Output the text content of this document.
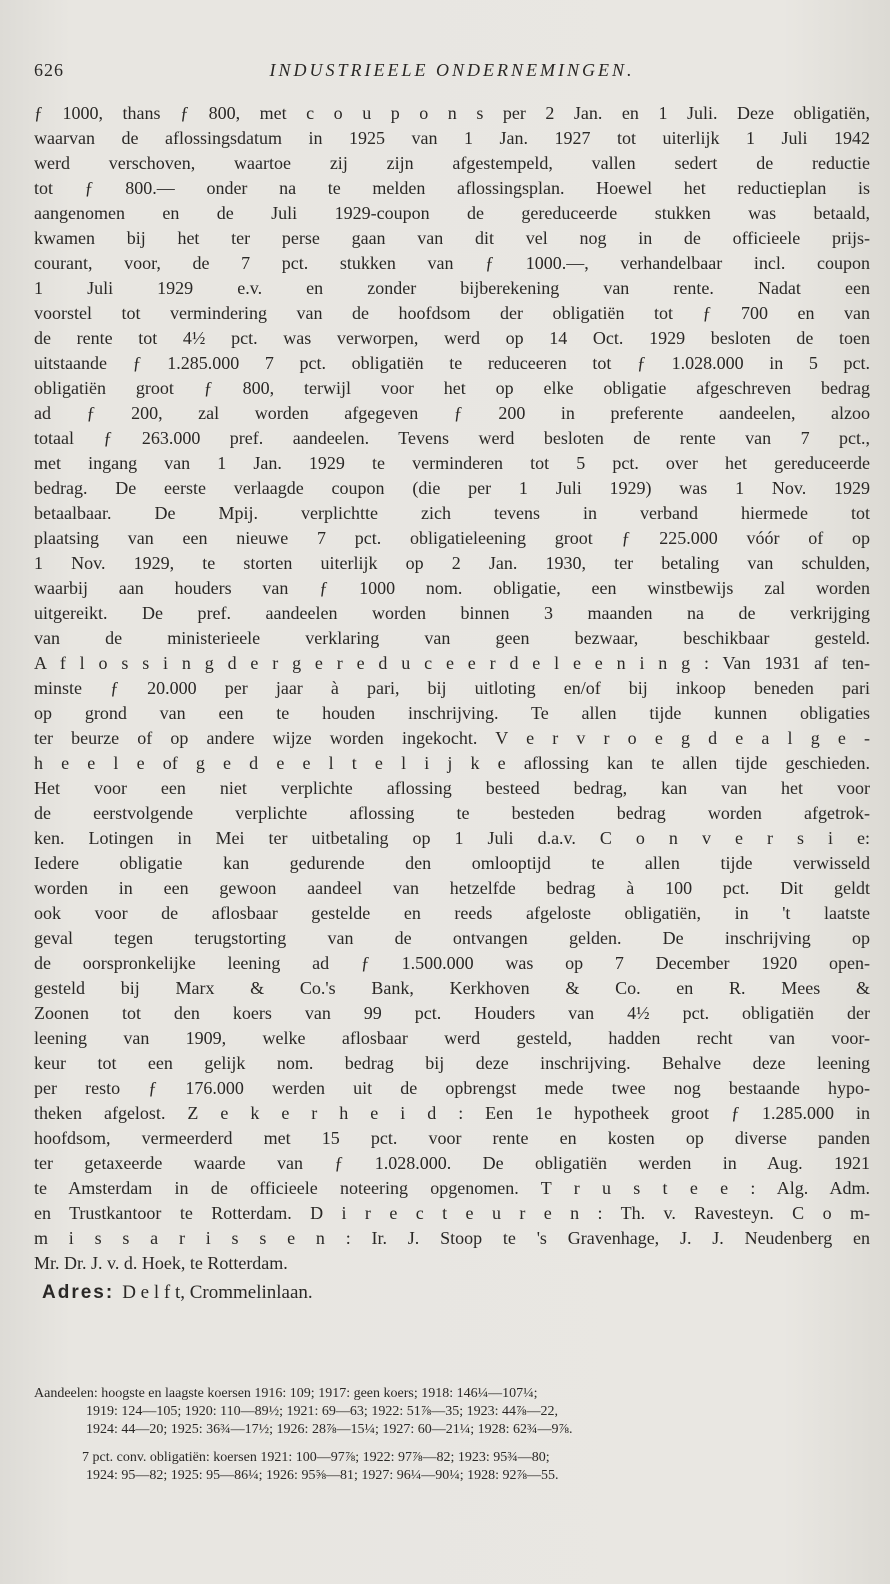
626	INDUSTRIEELE ONDERNEMINGEN.
ƒ 1000, thans ƒ 800, met c o u p o n s per 2 Jan. en 1 Juli. Deze obligatiën,
waarvan de aflossingsdatum in 1925 van 1 Jan. 1927 tot uiterlijk 1 Juli 1942
werd verschoven, waartoe zij zijn afgestempeld, vallen sedert de reductie
tot ƒ 800.— onder na te melden aflossingsplan. Hoewel het reductieplan is
aangenomen en de Juli 1929-coupon de gereduceerde stukken was betaald,
kwamen bij het ter perse gaan van dit vel nog in de officieele prijs-
courant, voor, de 7 pct. stukken van ƒ 1000.—, verhandelbaar incl. coupon
1 Juli 1929 e.v. en zonder bijberekening van rente. Nadat een
voorstel tot vermindering van de hoofdsom der obligatiën tot ƒ 700 en van
de rente tot 4½ pct. was verworpen, werd op 14 Oct. 1929 besloten de toen
uitstaande ƒ 1.285.000 7 pct. obligatiën te reduceeren tot ƒ 1.028.000 in 5 pct.
obligatiën groot ƒ 800, terwijl voor het op elke obligatie afgeschreven bedrag
ad ƒ 200, zal worden afgegeven ƒ 200 in preferente aandeelen, alzoo
totaal ƒ 263.000 pref. aandeelen. Tevens werd besloten de rente van 7 pct.,
met ingang van 1 Jan. 1929 te verminderen tot 5 pct. over het gereduceerde
bedrag. De eerste verlaagde coupon (die per 1 Juli 1929) was 1 Nov. 1929
betaalbaar. De Mpij. verplichtte zich tevens in verband hiermede tot
plaatsing van een nieuwe 7 pct. obligatieleening groot ƒ 225.000 vóór of op
1 Nov. 1929, te storten uiterlijk op 2 Jan. 1930, ter betaling van schulden,
waarbij aan houders van ƒ 1000 nom. obligatie, een winstbewijs zal worden
uitgereikt. De pref. aandeelen worden binnen 3 maanden na de verkrijging
van de ministerieele verklaring van geen bezwaar, beschikbaar gesteld.
A f l o s s i n g d e r g e r e d u c e e r d e l e e n i n g : Van 1931 af ten-
minste ƒ 20.000 per jaar à pari, bij uitloting en/of bij inkoop beneden pari
op grond van een te houden inschrijving. Te allen tijde kunnen obligaties
ter beurze of op andere wijze worden ingekocht. V e r v r o e g d e a l g e -
h e e l e of g e d e e l t e l i j k e aflossing kan te allen tijde geschieden.
Het voor een niet verplichte aflossing besteed bedrag, kan van het voor
de eerstvolgende verplichte aflossing te besteden bedrag worden afgetrok-
ken. Lotingen in Mei ter uitbetaling op 1 Juli d.a.v. C o n v e r s i e:
Iedere obligatie kan gedurende den omlooptijd te allen tijde verwisseld
worden in een gewoon aandeel van hetzelfde bedrag à 100 pct. Dit geldt
ook voor de aflosbaar gestelde en reeds afgeloste obligatiën, in 't laatste
geval tegen terugstorting van de ontvangen gelden. De inschrijving op
de oorspronkelijke leening ad ƒ 1.500.000 was op 7 December 1920 open-
gesteld bij Marx & Co.'s Bank, Kerkhoven & Co. en R. Mees &
Zoonen tot den koers van 99 pct. Houders van 4½ pct. obligatiën der
leening van 1909, welke aflosbaar werd gesteld, hadden recht van voor-
keur tot een gelijk nom. bedrag bij deze inschrijving. Behalve deze leening
per resto ƒ 176.000 werden uit de opbrengst mede twee nog bestaande hypo-
theken afgelost. Z e k e r h e i d : Een 1e hypotheek groot ƒ 1.285.000 in
hoofdsom, vermeerderd met 15 pct. voor rente en kosten op diverse panden
ter getaxeerde waarde van ƒ 1.028.000. De obligatiën werden in Aug. 1921
te Amsterdam in de officieele noteering opgenomen. T r u s t e e : Alg. Adm.
en Trustkantoor te Rotterdam. D i r e c t e u r e n : Th. v. Ravesteyn. C o m-
m i s s a r i s s e n : Ir. J. Stoop te 's Gravenhage, J. J. Neudenberg en
Mr. Dr. J. v. d. Hoek, te Rotterdam.
Adres: D e l f t, Crommelinlaan.
Aandeelen: hoogste en laagste koersen 1916: 109; 1917: geen koers; 1918: 146¼—107¼;
1919: 124—105; 1920: 110—89½; 1921: 69—63; 1922: 51⅞—35; 1923: 44⅞—22,
1924: 44—20; 1925: 36¾—17½; 1926: 28⅞—15¼; 1927: 60—21¼; 1928: 62¾—9⅞.
7 pct. conv. obligatiën: koersen 1921: 100—97⅞; 1922: 97⅞—82; 1923: 95¾—80;
1924: 95—82; 1925: 95—86¼; 1926: 95⅝—81; 1927: 96¼—90¼; 1928: 92⅞—55.
